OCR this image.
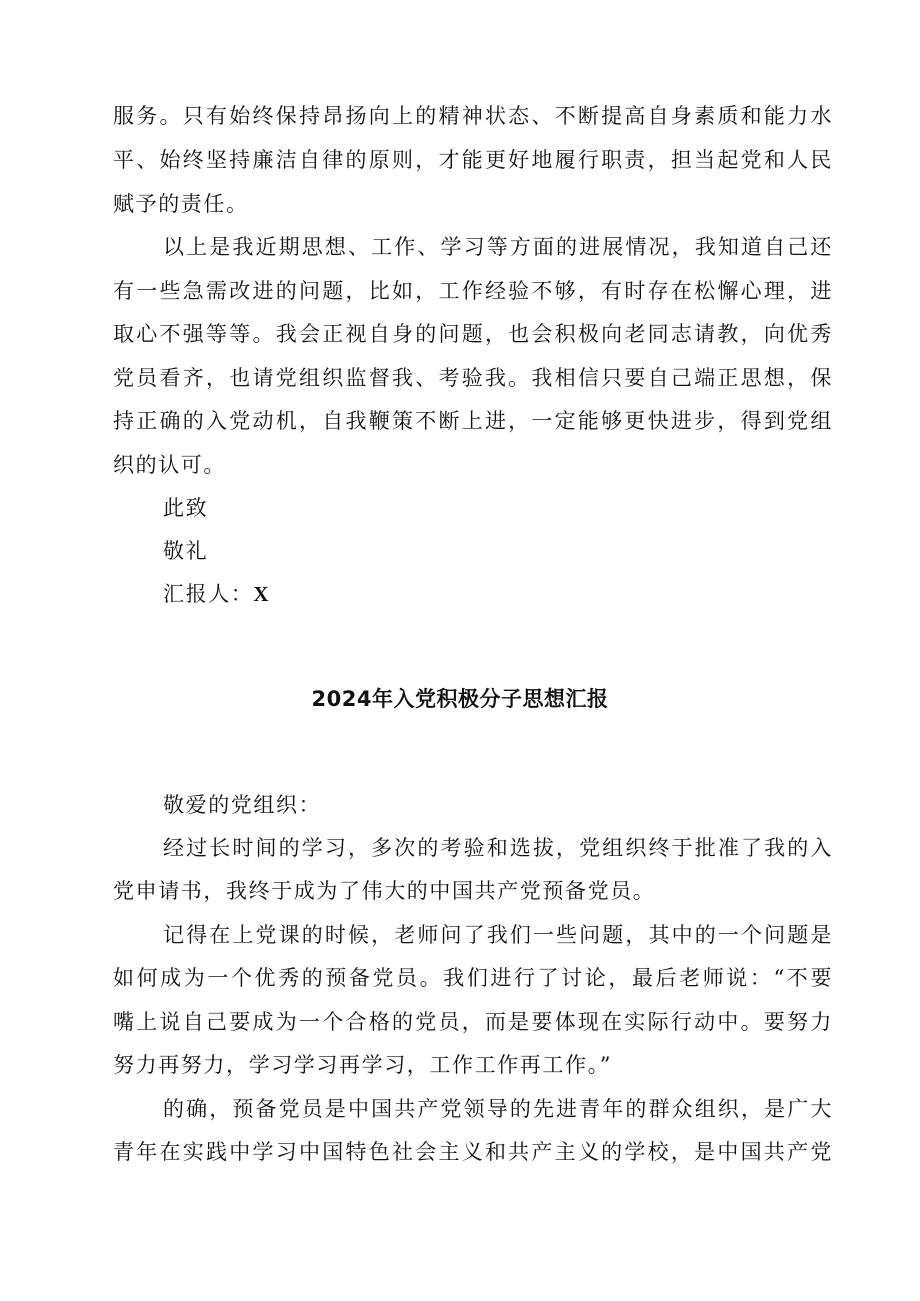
服务。只有始终保持昂扬向上的精神状态、不断提高自身素质和能力水
平、始终坚持廉洁自律的原则，才能更好地履行职责，担当起党和人民
赋予的责任。
以上是我近期思想、工作、学习等方面的进展情况，我知道自己还
有一些急需改进的问题，比如，工作经验不够，有时存在松懈心理，进
取心不强等等。我会正视自身的问题，也会积极向老同志请教，向优秀
党员看齐，也请党组织监督我、考验我。我相信只要自己端正思想，保
持正确的入党动机，自我鞭策不断上进，一定能够更快进步，得到党组
织的认可。
此致
敬礼
汇报人：X
2024年入党积极分子思想汇报
敬爱的党组织：
经过长时间的学习，多次的考验和选拔，党组织终于批准了我的入
党申请书，我终于成为了伟大的中国共产党预备党员。
记得在上党课的时候，老师问了我们一些问题，其中的一个问题是
如何成为一个优秀的预备党员。我们进行了讨论，最后老师说：“不要
嘴上说自己要成为一个合格的党员，而是要体现在实际行动中。要努力
努力再努力，学习学习再学习，工作工作再工作。”
的确，预备党员是中国共产党领导的先进青年的群众组织，是广大
青年在实践中学习中国特色社会主义和共产主义的学校，是中国共产党
